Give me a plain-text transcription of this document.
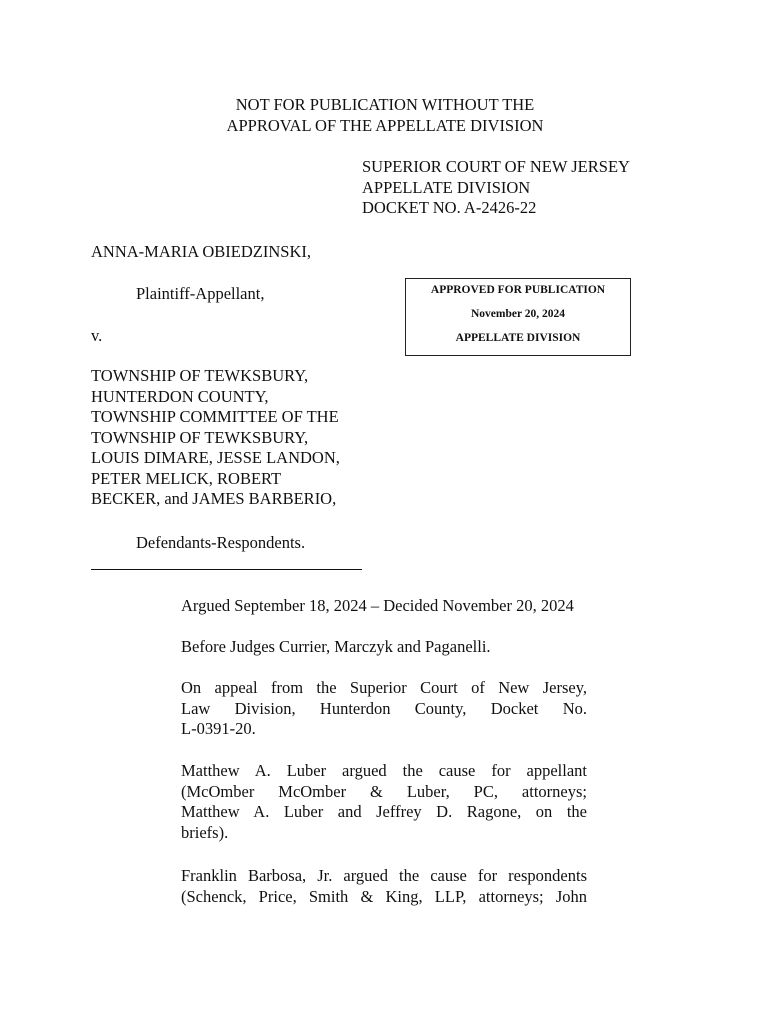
NOT FOR PUBLICATION WITHOUT THE
APPROVAL OF THE APPELLATE DIVISION
SUPERIOR COURT OF NEW JERSEY
APPELLATE DIVISION
DOCKET NO. A-2426-22
ANNA-MARIA OBIEDZINSKI,
Plaintiff-Appellant,
v.
APPROVED FOR PUBLICATION
November 20, 2024
APPELLATE DIVISION
TOWNSHIP OF TEWKSBURY,
HUNTERDON COUNTY,
TOWNSHIP COMMITTEE OF THE
TOWNSHIP OF TEWKSBURY,
LOUIS DIMARE, JESSE LANDON,
PETER MELICK, ROBERT
BECKER, and JAMES BARBERIO,
Defendants-Respondents.
Argued September 18, 2024 – Decided November 20, 2024
Before Judges Currier, Marczyk and Paganelli.
On appeal from the Superior Court of New Jersey,
Law Division, Hunterdon County, Docket No.
L-0391-20.
Matthew A. Luber argued the cause for appellant
(McOmber McOmber & Luber, PC, attorneys;
Matthew A. Luber and Jeffrey D. Ragone, on the
briefs).
Franklin Barbosa, Jr. argued the cause for respondents
(Schenck, Price, Smith & King, LLP, attorneys; John
